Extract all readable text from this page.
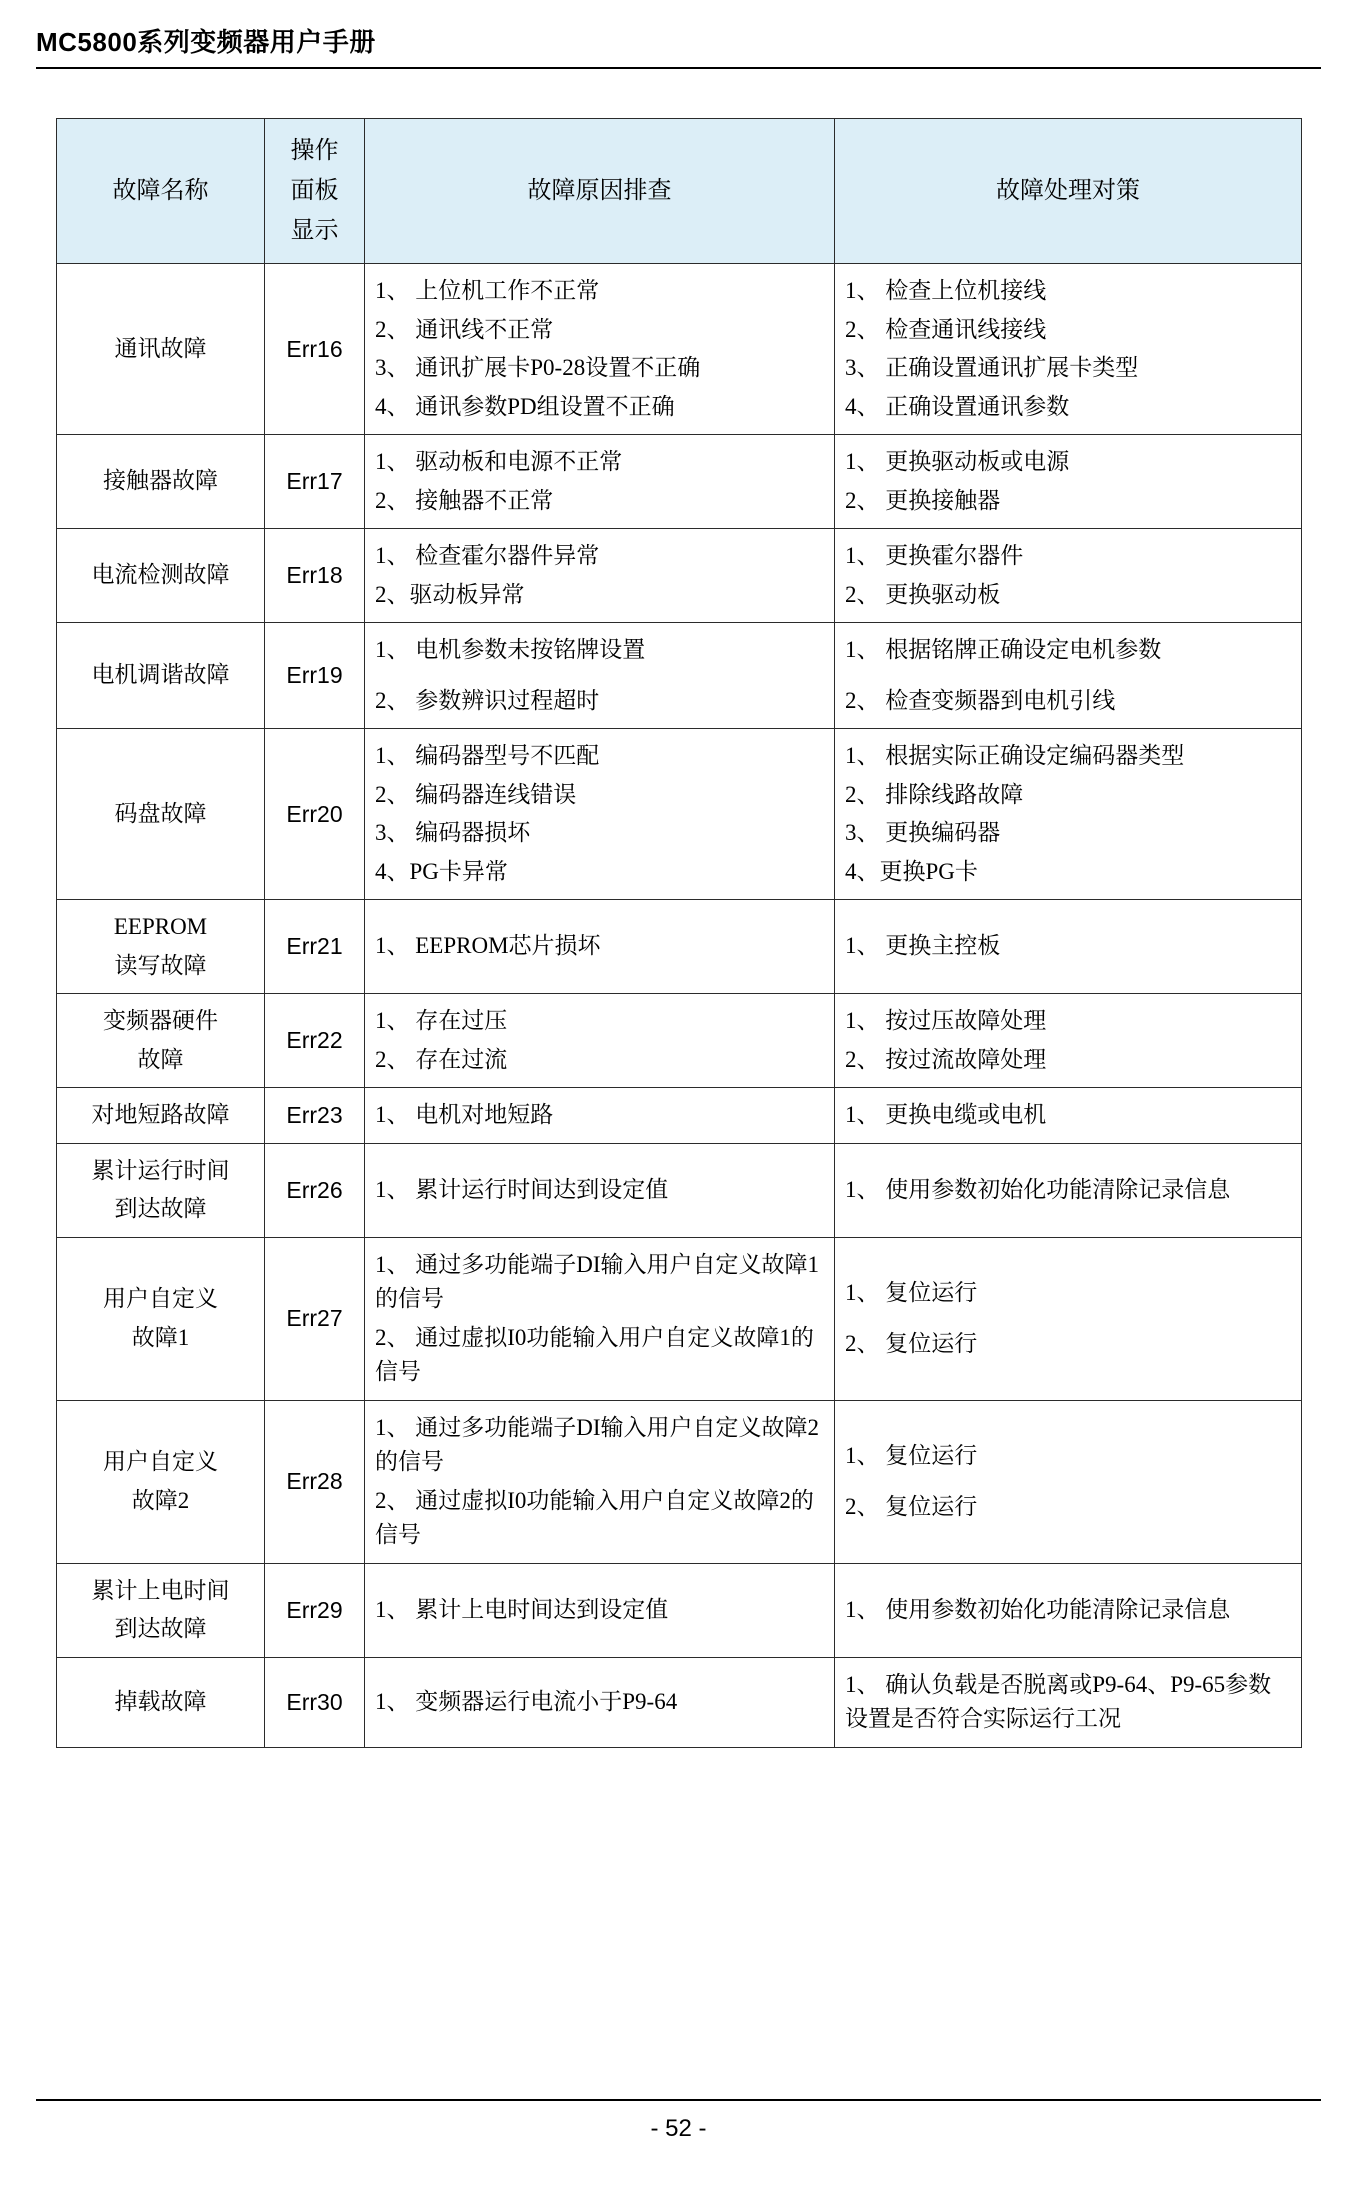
MC5800系列变频器用户手册
故障名称	操作
面板
显示	故障原因排查	故障处理对策
通讯故障	Err16	1、 上位机工作不正常
2、 通讯线不正常
3、 通讯扩展卡P0-28设置不正确
4、 通讯参数PD组设置不正确	1、 检查上位机接线
2、 检查通讯线接线
3、 正确设置通讯扩展卡类型
4、 正确设置通讯参数

接触器故障	Err17	1、 驱动板和电源不正常
2、 接触器不正常	1、 更换驱动板或电源
2、 更换接触器

电流检测故障	Err18	1、 检查霍尔器件异常
2、驱动板异常	1、 更换霍尔器件
2、 更换驱动板

电机调谐故障	Err19	1、 电机参数未按铭牌设置
2、 参数辨识过程超时	1、 根据铭牌正确设定电机参数
2、 检查变频器到电机引线

码盘故障	Err20	1、 编码器型号不匹配
2、 编码器连线错误
3、 编码器损坏
4、PG卡异常	1、 根据实际正确设定编码器类型
2、 排除线路故障
3、 更换编码器
4、更换PG卡

EEPROM
读写故障	Err21	1、 EEPROM芯片损坏	1、 更换主控板

变频器硬件
故障	Err22	1、 存在过压
2、 存在过流	1、 按过压故障处理
2、 按过流故障处理

对地短路故障	Err23	1、 电机对地短路	1、 更换电缆或电机

累计运行时间
到达故障	Err26	1、 累计运行时间达到设定值	1、 使用参数初始化功能清除记录信息

用户自定义
故障1	Err27	1、 通过多功能端子DI输入用户自定义故障1的信号
2、 通过虚拟I0功能输入用户自定义故障1的信号	1、 复位运行
2、 复位运行

用户自定义
故障2	Err28	1、 通过多功能端子DI输入用户自定义故障2的信号
2、 通过虚拟I0功能输入用户自定义故障2的信号	1、 复位运行
2、 复位运行

累计上电时间
到达故障	Err29	1、 累计上电时间达到设定值	1、 使用参数初始化功能清除记录信息

掉载故障	Err30	1、 变频器运行电流小于P9-64	1、 确认负载是否脱离或P9-64、P9-65参数设置是否符合实际运行工况
- 52 -
